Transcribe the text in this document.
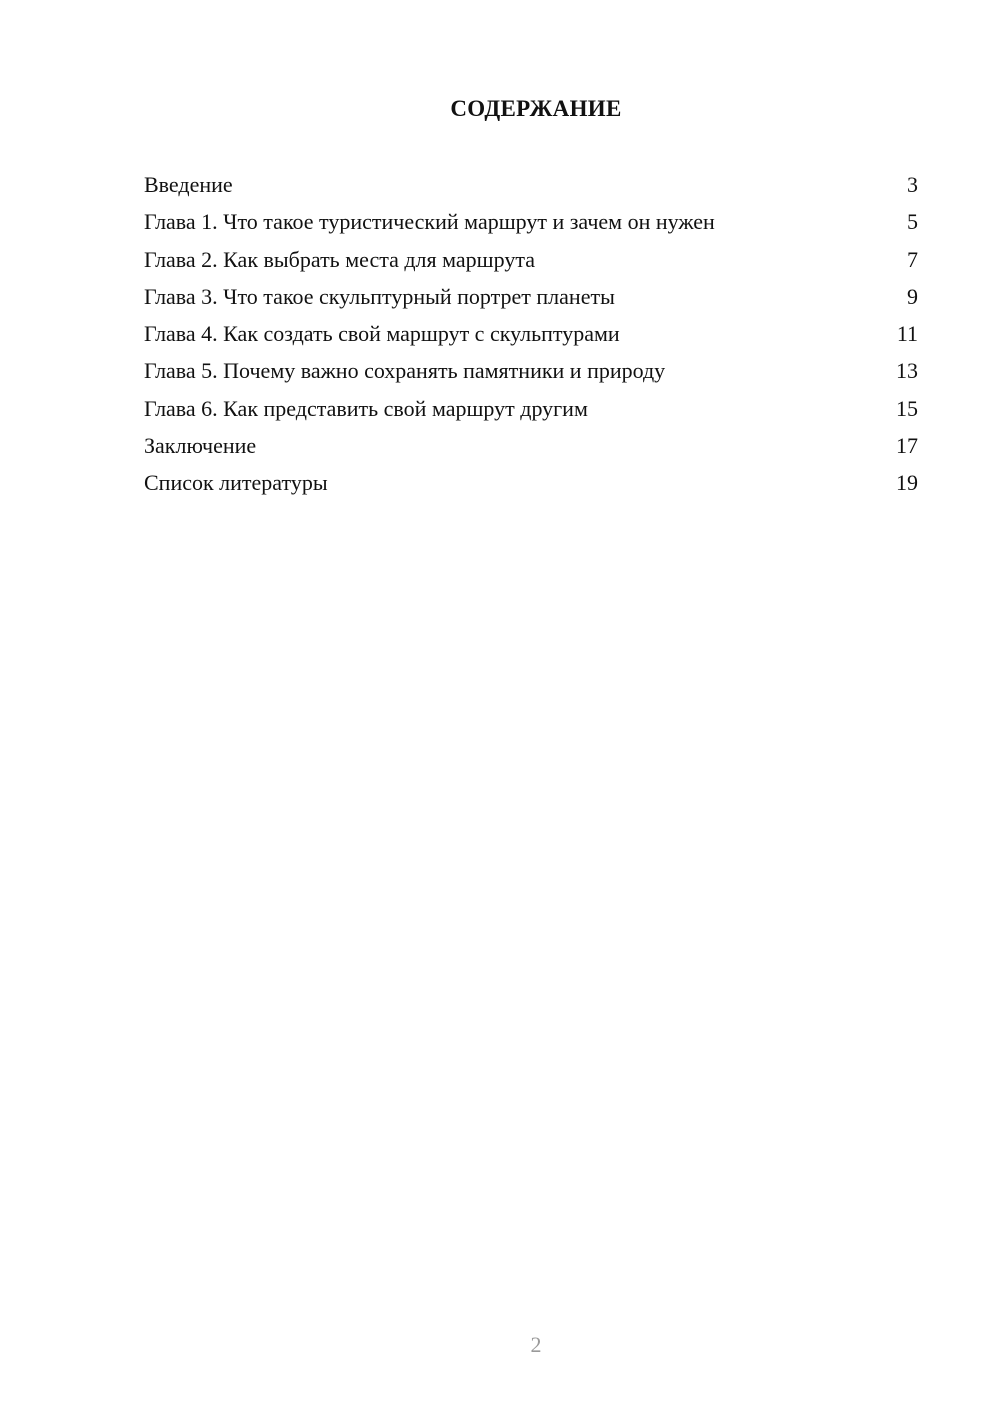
СОДЕРЖАНИЕ
Введение	3
Глава 1. Что такое туристический маршрут и зачем он нужен	5
Глава 2. Как выбрать места для маршрута	7
Глава 3. Что такое скульптурный портрет планеты	9
Глава 4. Как создать свой маршрут с скульптурами	11
Глава 5. Почему важно сохранять памятники и природу	13
Глава 6. Как представить свой маршрут другим	15
Заключение	17
Список литературы	19
2
